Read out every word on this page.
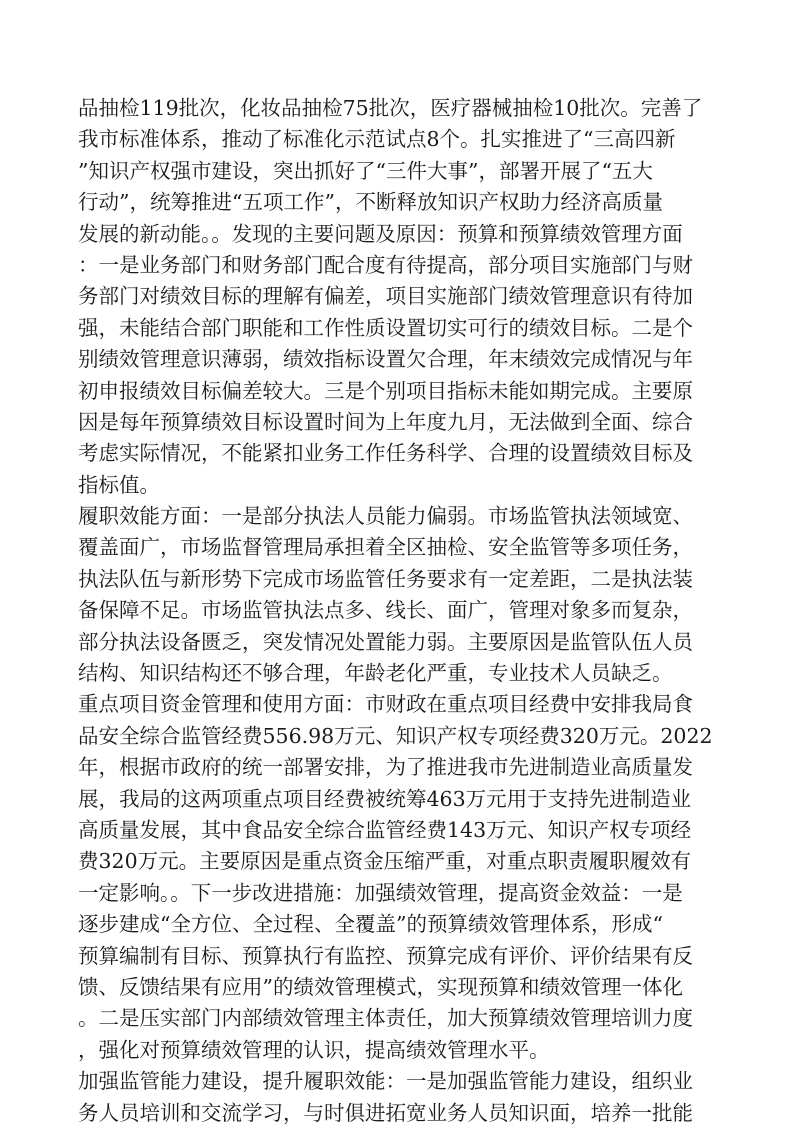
品抽检119批次，化妆品抽检75批次，医疗器械抽检10批次。完善了
我市标准体系，推动了标准化示范试点8个。扎实推进了“三高四新
”知识产权强市建设，突出抓好了“三件大事”，部署开展了“五大
行动”，统筹推进“五项工作”，不断释放知识产权助力经济高质量
发展的新动能。。发现的主要问题及原因：预算和预算绩效管理方面
：一是业务部门和财务部门配合度有待提高，部分项目实施部门与财
务部门对绩效目标的理解有偏差，项目实施部门绩效管理意识有待加
强，未能结合部门职能和工作性质设置切实可行的绩效目标。二是个
别绩效管理意识薄弱，绩效指标设置欠合理，年末绩效完成情况与年
初申报绩效目标偏差较大。三是个别项目指标未能如期完成。主要原
因是每年预算绩效目标设置时间为上年度九月，无法做到全面、综合
考虑实际情况，不能紧扣业务工作任务科学、合理的设置绩效目标及
指标值。
履职效能方面：一是部分执法人员能力偏弱。市场监管执法领域宽、
覆盖面广，市场监督管理局承担着全区抽检、安全监管等多项任务，
执法队伍与新形势下完成市场监管任务要求有一定差距，二是执法装
备保障不足。市场监管执法点多、线长、面广，管理对象多而复杂，
部分执法设备匮乏，突发情况处置能力弱。主要原因是监管队伍人员
结构、知识结构还不够合理，年龄老化严重，专业技术人员缺乏。
重点项目资金管理和使用方面：市财政在重点项目经费中安排我局食
品安全综合监管经费556.98万元、知识产权专项经费320万元。2022
年，根据市政府的统一部署安排，为了推进我市先进制造业高质量发
展，我局的这两项重点项目经费被统筹463万元用于支持先进制造业
高质量发展，其中食品安全综合监管经费143万元、知识产权专项经
费320万元。主要原因是重点资金压缩严重，对重点职责履职履效有
一定影响。。下一步改进措施：加强绩效管理，提高资金效益：一是
逐步建成“全方位、全过程、全覆盖”的预算绩效管理体系，形成“
预算编制有目标、预算执行有监控、预算完成有评价、评价结果有反
馈、反馈结果有应用”的绩效管理模式，实现预算和绩效管理一体化
。二是压实部门内部绩效管理主体责任，加大预算绩效管理培训力度
，强化对预算绩效管理的认识，提高绩效管理水平。
加强监管能力建设，提升履职效能：一是加强监管能力建设，组织业
务人员培训和交流学习，与时俱进拓宽业务人员知识面，培养一批能
